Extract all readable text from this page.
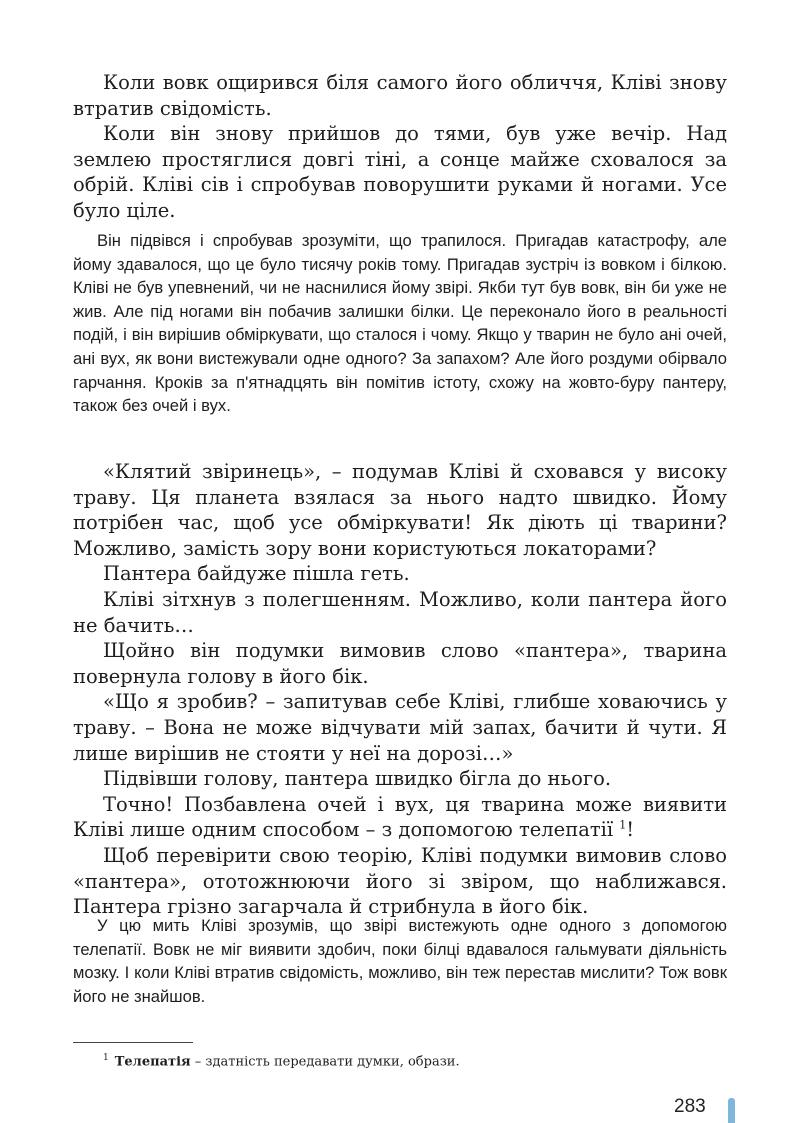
Коли вовк ощирився біля самого його обличчя, Кліві знову втратив свідомість.

Коли він знову прийшов до тями, був уже вечір. Над землею простяглися довгі тіні, а сонце майже сховалося за обрій. Кліві сів і спробував поворушити руками й ногами. Усе було ціле.

Він підвівся і спробував зрозуміти, що трапилося. Пригадав катастрофу, але йому здавалося, що це було тисячу років тому. Пригадав зустріч із вовком і білкою. Кліві не був упевнений, чи не наснилися йому звірі. Якби тут був вовк, він би уже не жив. Але під ногами він побачив залишки білки. Це переконало його в реальності подій, і він вирішив обміркувати, що сталося і чому. Якщо у тварин не було ані очей, ані вух, як вони вистежували одне одного? За запахом? Але його роздуми обірвало гарчання. Кроків за п'ятнадцять він помітив істоту, схожу на жовто-буру пантеру, також без очей і вух.

«Клятий звіринець», – подумав Кліві й сховався у високу траву. Ця планета взялася за нього надто швидко. Йому потрібен час, щоб усе обміркувати! Як діють ці тварини? Можливо, замість зору вони користуються локаторами?

Пантера байдуже пішла геть.

Кліві зітхнув з полегшенням. Можливо, коли пантера його не бачить…

Щойно він подумки вимовив слово «пантера», тварина повернула голову в його бік.

«Що я зробив? – запитував себе Кліві, глибше ховаючись у траву. – Вона не може відчувати мій запах, бачити й чути. Я лише вирішив не стояти у неї на дорозі…»

Підвівши голову, пантера швидко бігла до нього.

Точно! Позбавлена очей і вух, ця тварина може виявити Кліві лише одним способом – з допомогою телепатії $^1$!

Щоб перевірити свою теорію, Кліві подумки вимовив слово «пантера», ототожнюючи його зі звіром, що наближався. Пантера грізно загарчала й стрибнула в його бік.

У цю мить Кліві зрозумів, що звірі вистежують одне одного з допомогою телепатії. Вовк не міг виявити здобич, поки білці вдавалося гальмувати діяльність мозку. І коли Кліві втратив свідомість, можливо, він теж перестав мислити? Тож вовк його не знайшов.

$^1$ Телепатія – здатність передавати думки, образи.
283
